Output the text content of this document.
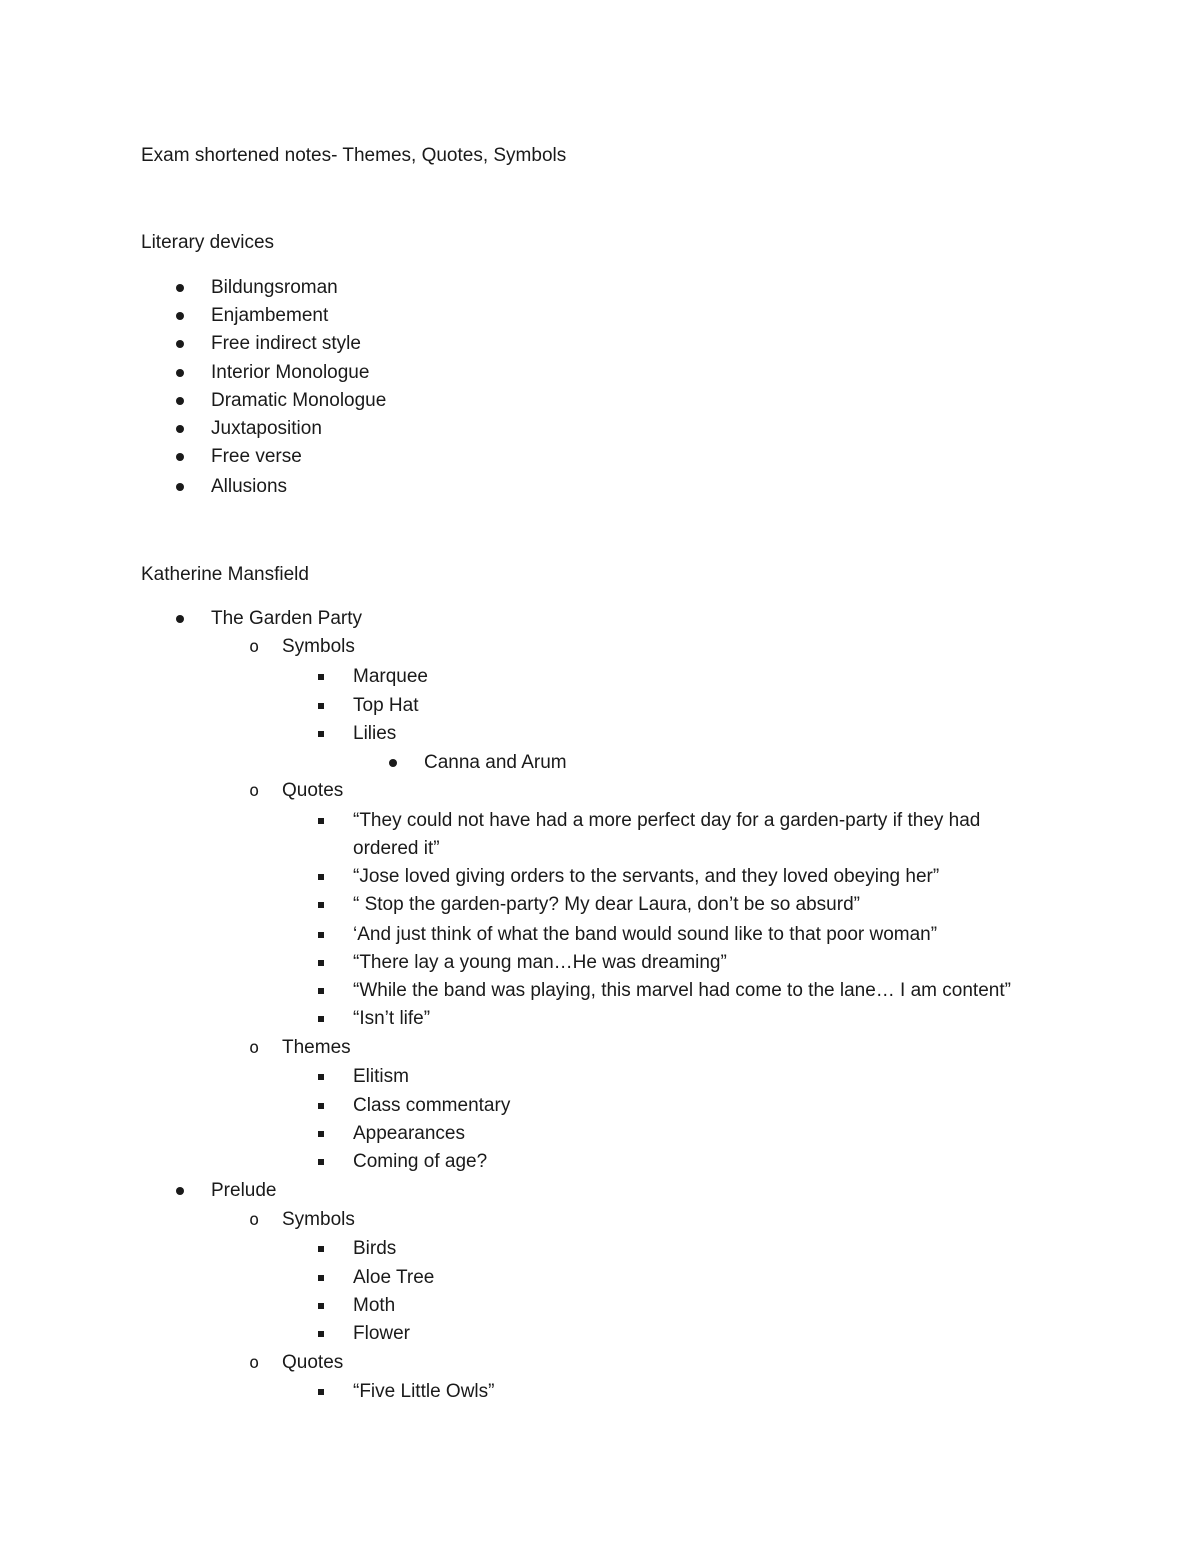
Exam shortened notes- Themes, Quotes, Symbols
Literary devices
Bildungsroman
Enjambement
Free indirect style
Interior Monologue
Dramatic Monologue
Juxtaposition
Free verse
Allusions
Katherine Mansfield
The Garden Party
o Symbols
Marquee
Top Hat
Lilies
Canna and Arum
o Quotes
“They could not have had a more perfect day for a garden-party if they had
ordered it”
“Jose loved giving orders to the servants, and they loved obeying her”
“ Stop the garden-party? My dear Laura, don’t be so absurd”
‘And just think of what the band would sound like to that poor woman”
“There lay a young man…He was dreaming”
“While the band was playing, this marvel had come to the lane… I am content”
“Isn’t life”
o Themes
Elitism
Class commentary
Appearances
Coming of age?
Prelude
o Symbols
Birds
Aloe Tree
Moth
Flower
o Quotes
“Five Little Owls”
